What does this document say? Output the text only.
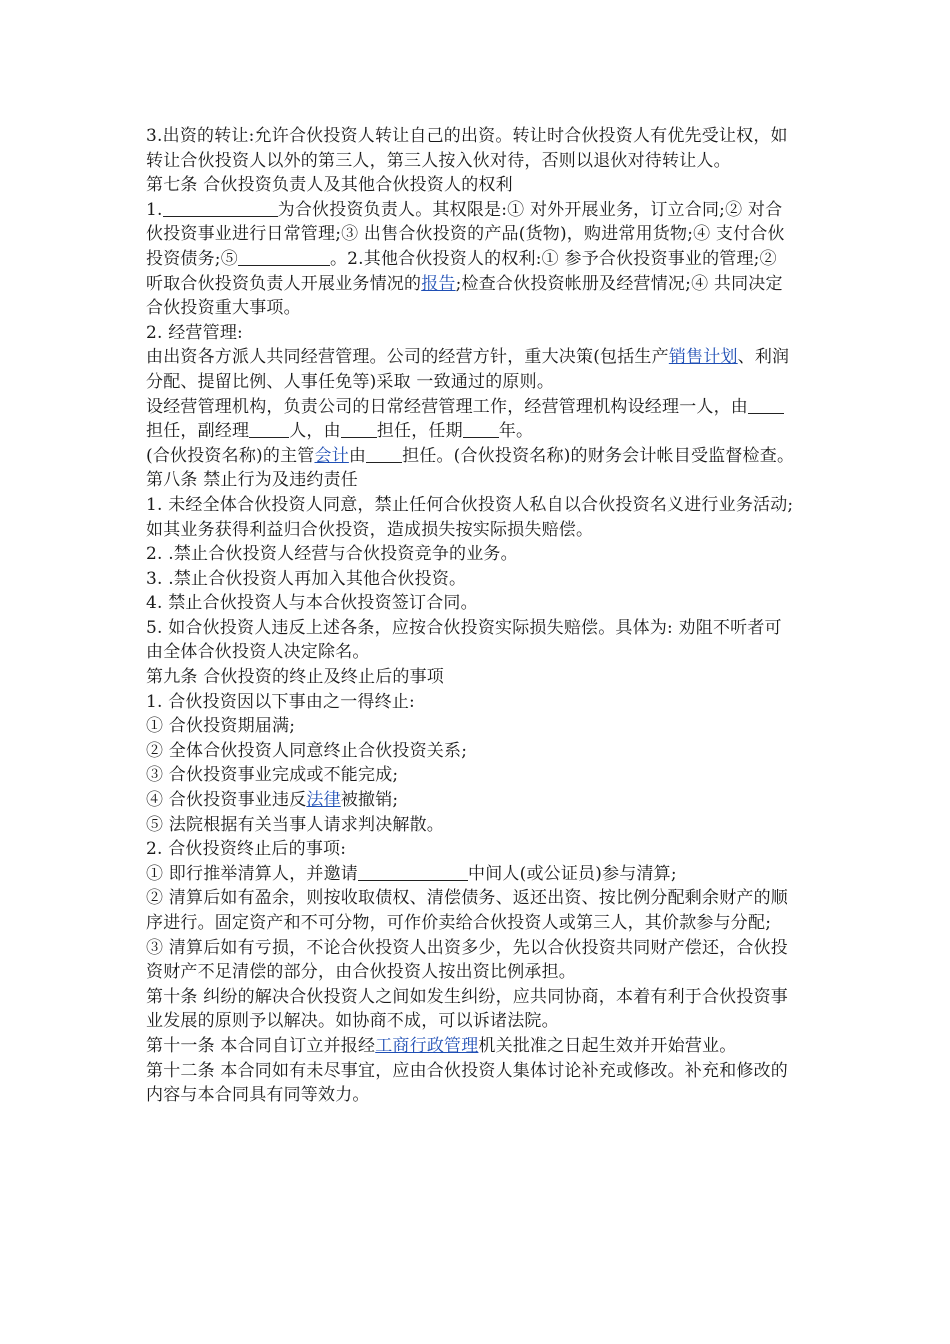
3.出资的转让:允许合伙投资人转让自己的出资。转让时合伙投资人有优先受让权，如转让合伙投资人以外的第三人，第三人按入伙对待，否则以退伙对待转让人。

第七条 合伙投资负责人及其他合伙投资人的权利

1.	为合伙投资负责人。其权限是:① 对外开展业务，订立合同;② 对合伙投资事业进行日常管理;③ 出售合伙投资的产品(货物)，购进常用货物;④ 支付合伙投资债务;⑤	。2.其他合伙投资人的权利:① 参予合伙投资事业的管理;② 听取合伙投资负责人开展业务情况的报告;检查合伙投资帐册及经营情况;④ 共同决定合伙投资重大事项。

2. 经营管理:

由出资各方派人共同经营管理。公司的经营方针，重大决策(包括生产销售计划、利润分配、提留比例、人事任免等)采取 一致通过的原则。

设经营管理机构，负责公司的日常经营管理工作，经营管理机构设经理一人，由担任，副经理 人，由 担任，任期 年。

(合伙投资名称)的主管会计由 担任。(合伙投资名称)的财务会计帐目受监督检查。

第八条 禁止行为及违约责任

1. 未经全体合伙投资人同意，禁止任何合伙投资人私自以合伙投资名义进行业务活动;如其业务获得利益归合伙投资，造成损失按实际损失赔偿。

2. .禁止合伙投资人经营与合伙投资竞争的业务。

3. .禁止合伙投资人再加入其他合伙投资。

4. 禁止合伙投资人与本合伙投资签订合同。

5. 如合伙投资人违反上述各条，应按合伙投资实际损失赔偿。具体为: 劝阻不听者可由全体合伙投资人决定除名。

第九条 合伙投资的终止及终止后的事项

1. 合伙投资因以下事由之一得终止:

① 合伙投资期届满;

② 全体合伙投资人同意终止合伙投资关系;

③ 合伙投资事业完成或不能完成;

④ 合伙投资事业违反法律被撤销;

⑤ 法院根据有关当事人请求判决解散。

2. 合伙投资终止后的事项:

① 即行推举清算人，并邀请	中间人(或公证员)参与清算;

② 清算后如有盈余，则按收取债权、清偿债务、返还出资、按比例分配剩余财产的顺序进行。固定资产和不可分物，可作价卖给合伙投资人或第三人，其价款参与分配;

③ 清算后如有亏损，不论合伙投资人出资多少，先以合伙投资共同财产偿还，合伙投资财产不足清偿的部分，由合伙投资人按出资比例承担。

第十条 纠纷的解决合伙投资人之间如发生纠纷，应共同协商，本着有利于合伙投资事业发展的原则予以解决。如协商不成，可以诉诸法院。

第十一条 本合同自订立并报经工商行政管理机关批准之日起生效并开始营业。

第十二条 本合同如有未尽事宜，应由合伙投资人集体讨论补充或修改。补充和修改的内容与本合同具有同等效力。
